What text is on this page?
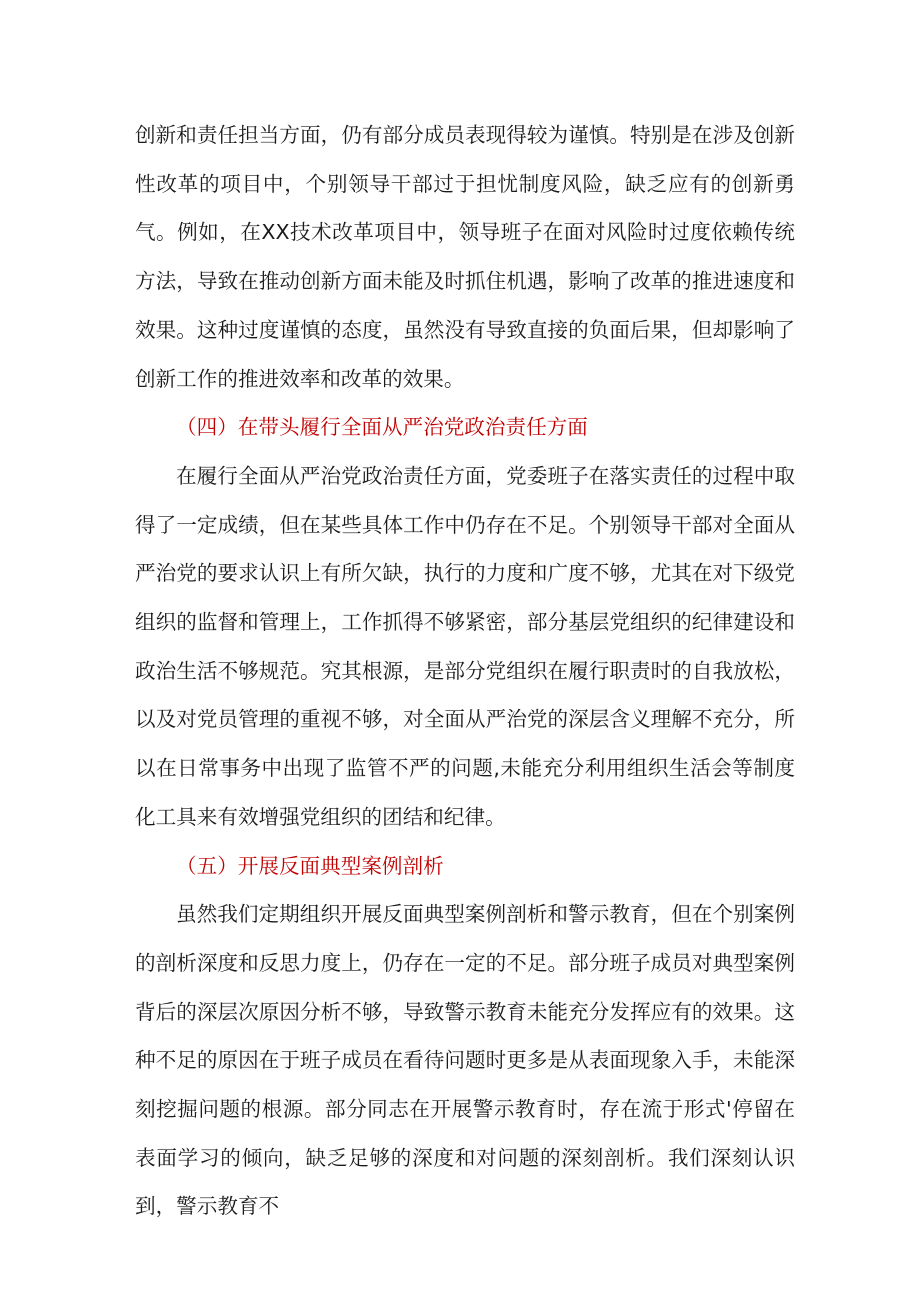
创新和责任担当方面，仍有部分成员表现得较为谨慎。特别是在涉及创新性改革的项目中，个别领导干部过于担忧制度风险，缺乏应有的创新勇气。例如，在XX技术改革项目中，领导班子在面对风险时过度依赖传统方法，导致在推动创新方面未能及时抓住机遇，影响了改革的推进速度和效果。这种过度谨慎的态度，虽然没有导致直接的负面后果，但却影响了创新工作的推进效率和改革的效果。

（四）在带头履行全面从严治党政治责任方面

在履行全面从严治党政治责任方面，党委班子在落实责任的过程中取得了一定成绩，但在某些具体工作中仍存在不足。个别领导干部对全面从严治党的要求认识上有所欠缺，执行的力度和广度不够，尤其在对下级党组织的监督和管理上，工作抓得不够紧密，部分基层党组织的纪律建设和政治生活不够规范。究其根源，是部分党组织在履行职责时的自我放松，以及对党员管理的重视不够，对全面从严治党的深层含义理解不充分，所以在日常事务中出现了监管不严的问题,未能充分利用组织生活会等制度化工具来有效增强党组织的团结和纪律。

（五）开展反面典型案例剖析

虽然我们定期组织开展反面典型案例剖析和警示教育，但在个别案例的剖析深度和反思力度上，仍存在一定的不足。部分班子成员对典型案例背后的深层次原因分析不够，导致警示教育未能充分发挥应有的效果。这种不足的原因在于班子成员在看待问题时更多是从表面现象入手，未能深刻挖掘问题的根源。部分同志在开展警示教育时，存在流于形式'停留在表面学习的倾向，缺乏足够的深度和对问题的深刻剖析。我们深刻认识到，警示教育不
